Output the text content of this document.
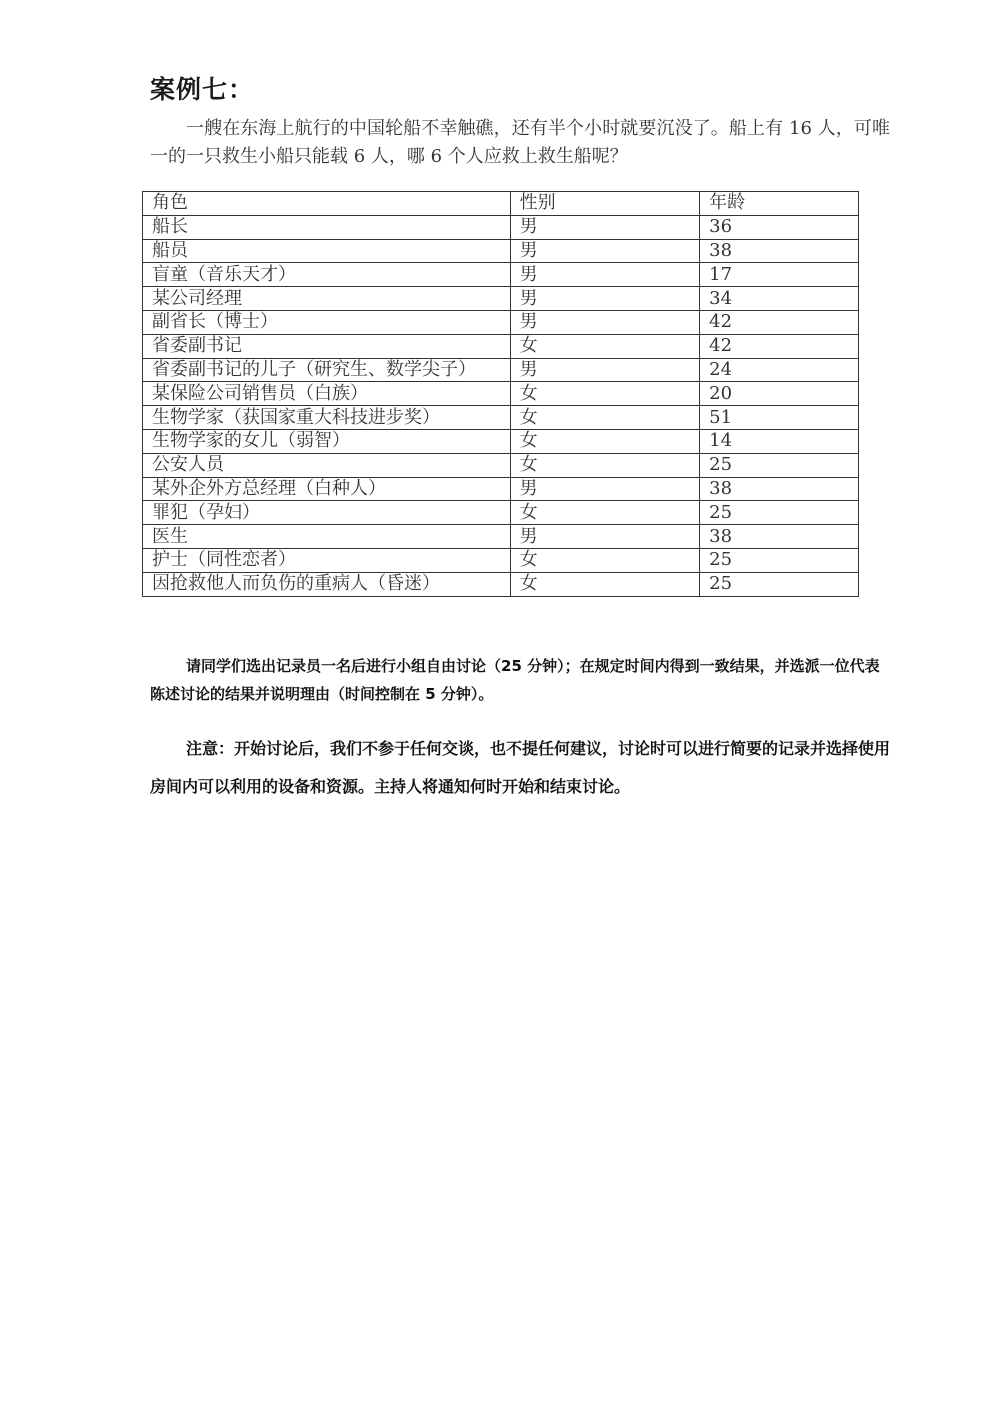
案例七：

一艘在东海上航行的中国轮船不幸触礁，还有半个小时就要沉没了。船上有 16 人，可唯一的一只救生小船只能载 6 人，哪 6 个人应救上救生船呢？

角色	性别	年龄
船长	男	36
船员	男	38
盲童（音乐天才）	男	17
某公司经理	男	34
副省长（博士）	男	42
省委副书记	女	42
省委副书记的儿子（研究生、数学尖子）	男	24
某保险公司销售员（白族）	女	20
生物学家（获国家重大科技进步奖）	女	51
生物学家的女儿（弱智）	女	14
公安人员	女	25
某外企外方总经理（白种人）	男	38
罪犯（孕妇）	女	25
医生	男	38
护士（同性恋者）	女	25
因抢救他人而负伤的重病人（昏迷）	女	25

请同学们选出记录员一名后进行小组自由讨论（25 分钟）；在规定时间内得到一致结果，并选派一位代表陈述讨论的结果并说明理由（时间控制在 5 分钟）。

注意：开始讨论后，我们不参于任何交谈，也不提任何建议，讨论时可以进行简要的记录并选择使用房间内可以利用的设备和资源。主持人将通知何时开始和结束讨论。
